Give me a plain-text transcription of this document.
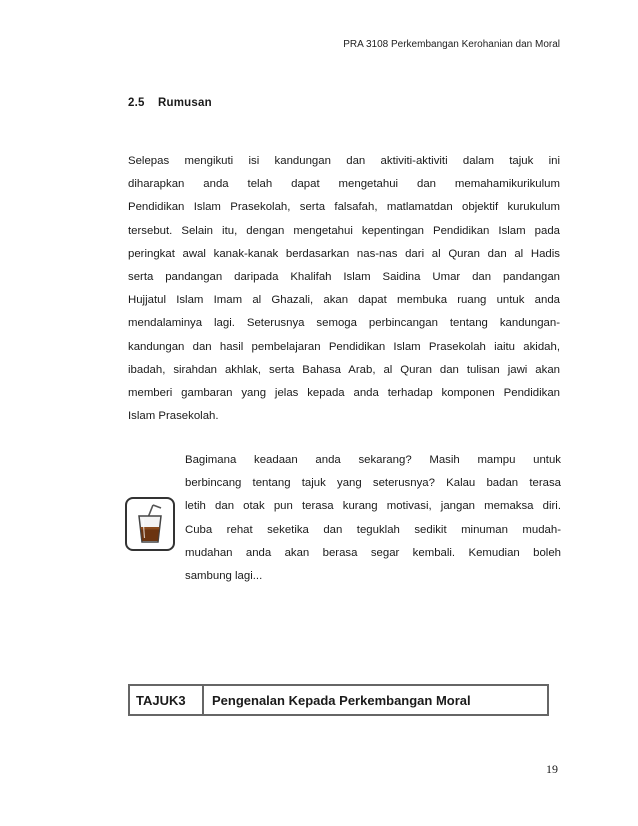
PRA 3108 Perkembangan Kerohanian dan Moral
2.5 Rumusan
Selepas mengikuti isi kandungan dan aktiviti-aktiviti dalam tajuk ini
diharapkan anda telah dapat mengetahui dan memahamikurikulum
Pendidikan Islam Prasekolah, serta falsafah, matlamatdan objektif kurukulum
tersebut. Selain itu, dengan mengetahui kepentingan Pendidikan Islam pada
peringkat awal kanak-kanak berdasarkan nas-nas dari al Quran dan al Hadis
serta pandangan daripada Khalifah Islam Saidina Umar dan pandangan
Hujjatul Islam Imam al Ghazali, akan dapat membuka ruang untuk anda
mendalaminya lagi. Seterusnya semoga perbincangan tentang kandungan-
kandungan dan hasil pembelajaran Pendidikan Islam Prasekolah iaitu akidah,
ibadah, sirahdan akhlak, serta Bahasa Arab, al Quran dan tulisan jawi akan
memberi gambaran yang jelas kepada anda terhadap komponen Pendidikan
Islam Prasekolah.
Bagimana keadaan anda sekarang? Masih mampu untuk
berbincang tentang tajuk yang seterusnya? Kalau badan terasa
letih dan otak pun terasa kurang motivasi, jangan memaksa diri.
Cuba rehat seketika dan teguklah sedikit minuman mudah-
mudahan anda akan berasa segar kembali. Kemudian boleh
sambung lagi...
TAJUK3	Pengenalan Kepada Perkembangan Moral
19
